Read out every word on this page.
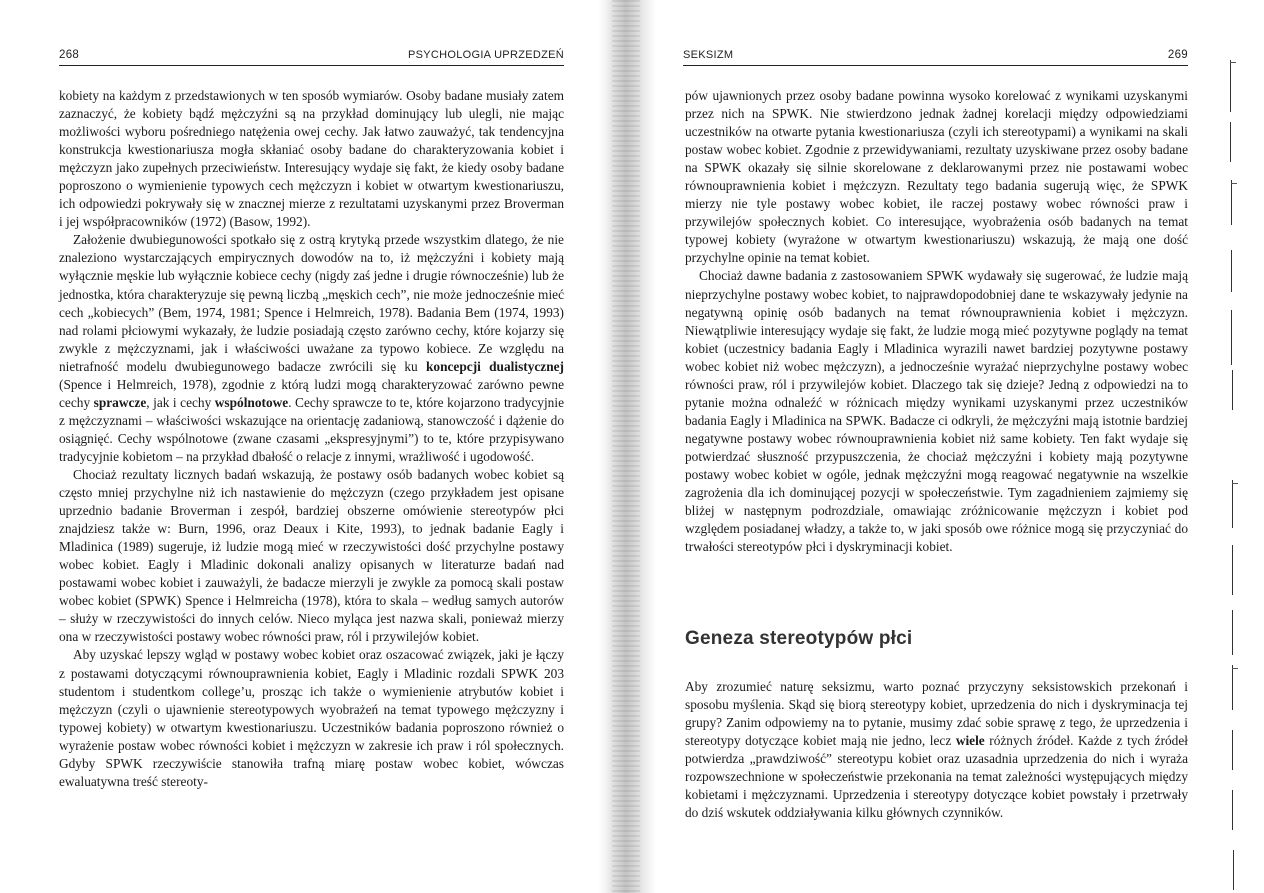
268	PSYCHOLOGIA UPRZEDZEŃ

kobiety na każdym z przedstawionych w ten sposób wymiarów. Osoby badane musiały zatem zaznaczyć, że kobiety bądź mężczyźni są na przykład dominujący lub ulegli, nie mając możliwości wyboru pośredniego natężenia owej cechy. Jak łatwo zauważyć, tak tendencyjna konstrukcja kwestionariusza mogła skłaniać osoby badane do charakteryzowania kobiet i mężczyzn jako zupełnych przeciwieństw. Interesujący wydaje się fakt, że kiedy osoby badane poproszono o wymienienie typowych cech mężczyzn i kobiet w otwartym kwestionariuszu, ich odpowiedzi pokrywały się w znacznej mierze z rezultatami uzyskanymi przez Broverman i jej współpracowników (1972) (Basow, 1992).

Założenie dwubiegunowości spotkało się z ostrą krytyką przede wszystkim dlatego, że nie znaleziono wystarczających empirycznych dowodów na to, iż mężczyźni i kobiety mają wyłącznie męskie lub wyłącznie kobiece cechy (nigdy zaś jedne i drugie równocześnie) lub że jednostka, która charakteryzuje się pewną liczbą „męskich cech”, nie może jednocześnie mieć cech „kobiecych” (Bem, 1974, 1981; Spence i Helmreich, 1978). Badania Bem (1974, 1993) nad rolami płciowymi wykazały, że ludzie posiadają często zarówno cechy, które kojarzy się zwykle z mężczyznami, jak i właściwości uważane za typowo kobiece. Ze względu na nietrafność modelu dwubiegunowego badacze zwrócili się ku koncepcji dualistycznej (Spence i Helmreich, 1978), zgodnie z którą ludzi mogą charakteryzować zarówno pewne cechy sprawcze, jak i cechy wspólnotowe. Cechy sprawcze to te, które kojarzono tradycyjnie z mężczyznami – właściwości wskazujące na orientację zadaniową, stanowczość i dążenie do osiągnięć. Cechy wspólnotowe (zwane czasami „ekspresyjnymi”) to te, które przypisywano tradycyjnie kobietom – na przykład dbałość o relacje z innymi, wrażliwość i ugodowość.

Chociaż rezultaty licznych badań wskazują, że postawy osób badanych wobec kobiet są często mniej przychylne niż ich nastawienie do mężczyzn (czego przykładem jest opisane uprzednio badanie Broverman i zespół, bardziej obszerne omówienie stereotypów płci znajdziesz także w: Burn, 1996, oraz Deaux i Kite, 1993), to jednak badanie Eagly i Mladinica (1989) sugeruje, iż ludzie mogą mieć w rzeczywistości dość przychylne postawy wobec kobiet. Eagly i Mladinic dokonali analizy opisanych w literaturze badań nad postawami wobec kobiet i zauważyli, że badacze mierzyli je zwykle za pomocą skali postaw wobec kobiet (SPWK) Spence i Helmreicha (1978), która to skala – według samych autorów – służy w rzeczywistości do innych celów. Nieco myląca jest nazwa skali, ponieważ mierzy ona w rzeczywistości postawy wobec równości praw, ról i przywilejów kobiet.

Aby uzyskać lepszy wgląd w postawy wobec kobiet oraz oszacować związek, jaki je łączy z postawami dotyczącymi równouprawnienia kobiet, Eagly i Mladinic rozdali SPWK 203 studentom i studentkom college’u, prosząc ich także o wymienienie atrybutów kobiet i mężczyzn (czyli o ujawnienie stereotypowych wyobrażeń na temat typowego mężczyzny i typowej kobiety) w otwartym kwestionariuszu. Uczestników badania poproszono również o wyrażenie postaw wobec równości kobiet i mężczyzn w zakresie ich praw i ról społecznych. Gdyby SPWK rzeczywiście stanowiła trafną miarę postaw wobec kobiet, wówczas ewaluatywna treść stereoty-

SEKSIZM	269

pów ujawnionych przez osoby badane powinna wysoko korelować z wynikami uzyskanymi przez nich na SPWK. Nie stwierdzono jednak żadnej korelacji między odpowiedziami uczestników na otwarte pytania kwestionariusza (czyli ich stereotypami) a wynikami na skali postaw wobec kobiet. Zgodnie z przewidywaniami, rezultaty uzyskiwane przez osoby badane na SPWK okazały się silnie skorelowane z deklarowanymi przez nie postawami wobec równouprawnienia kobiet i mężczyzn. Rezultaty tego badania sugerują więc, że SPWK mierzy nie tyle postawy wobec kobiet, ile raczej postawy wobec równości praw i przywilejów społecznych kobiet. Co interesujące, wyobrażenia osób badanych na temat typowej kobiety (wyrażone w otwartym kwestionariuszu) wskazują, że mają one dość przychylne opinie na temat kobiet.

Chociaż dawne badania z zastosowaniem SPWK wydawały się sugerować, że ludzie mają nieprzychylne postawy wobec kobiet, to najprawdopodobniej dane te wskazywały jedynie na negatywną opinię osób badanych na temat równouprawnienia kobiet i mężczyzn. Niewątpliwie interesujący wydaje się fakt, że ludzie mogą mieć pozytywne poglądy na temat kobiet (uczestnicy badania Eagly i Mladinica wyrazili nawet bardziej pozytywne postawy wobec kobiet niż wobec mężczyzn), a jednocześnie wyrażać nieprzychylne postawy wobec równości praw, ról i przywilejów kobiet. Dlaczego tak się dzieje? Jedną z odpowiedzi na to pytanie można odnaleźć w różnicach między wynikami uzyskanymi przez uczestników badania Eagly i Mladinica na SPWK. Badacze ci odkryli, że mężczyźni mają istotnie bardziej negatywne postawy wobec równouprawnienia kobiet niż same kobiety. Ten fakt wydaje się potwierdzać słuszność przypuszczenia, że chociaż mężczyźni i kobiety mają pozytywne postawy wobec kobiet w ogóle, jednak mężczyźni mogą reagować negatywnie na wszelkie zagrożenia dla ich dominującej pozycji w społeczeństwie. Tym zagadnieniem zajmiemy się bliżej w następnym podrozdziale, omawiając zróżnicowanie mężczyzn i kobiet pod względem posiadanej władzy, a także to, w jaki sposób owe różnice mogą się przyczyniać do trwałości stereotypów płci i dyskryminacji kobiet.

Geneza stereotypów płci

Aby zrozumieć naturę seksizmu, warto poznać przyczyny seksistowskich przekonań i sposobu myślenia. Skąd się biorą stereotypy kobiet, uprzedzenia do nich i dyskryminacja tej grupy? Zanim odpowiemy na to pytanie, musimy zdać sobie sprawę z tego, że uprzedzenia i stereotypy dotyczące kobiet mają nie jedno, lecz wiele różnych źródeł. Każde z tych źródeł potwierdza „prawdziwość” stereotypu kobiet oraz uzasadnia uprzedzenia do nich i wyraża rozpowszechnione w społeczeństwie przekonania na temat zależności występujących między kobietami i mężczyznami. Uprzedzenia i stereotypy dotyczące kobiet powstały i przetrwały do dziś wskutek oddziaływania kilku głównych czynników.
